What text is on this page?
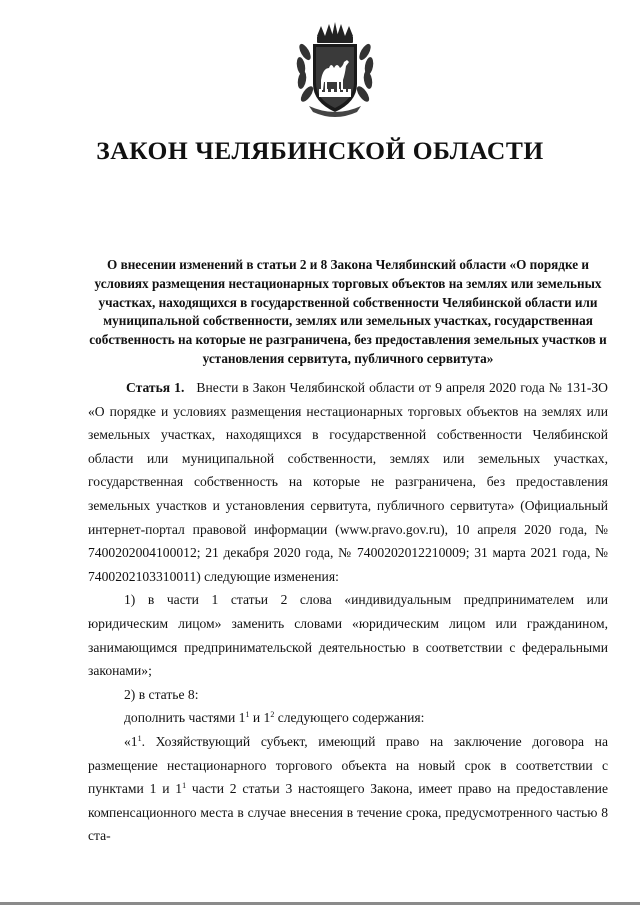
ЗАКОН ЧЕЛЯБИНСКОЙ ОБЛАСТИ

О внесении изменений в статьи 2 и 8 Закона Челябинский области «О порядке и условиях размещения нестационарных торговых объектов на землях или земельных участках, находящихся в государственной собственности Челябинской области или муниципальной собственности, землях или земельных участках, государственная собственность на которые не разграничена, без предоставления земельных участков и установления сервитута, публичного сервитута»

Статья 1. Внести в Закон Челябинской области от 9 апреля 2020 года № 131-ЗО «О порядке и условиях размещения нестационарных торговых объектов на землях или земельных участках, находящихся в государственной собственности Челябинской области или муниципальной собственности, землях или земельных участках, государственная собственность на которые не разграничена, без предоставления земельных участков и установления сервитута, публичного сервитута» (Официальный интернет-портал правовой информации (www.pravo.gov.ru), 10 апреля 2020 года, № 7400202004100012; 21 декабря 2020 года, № 7400202012210009; 31 марта 2021 года, № 7400202103310011) следующие изменения:

1) в части 1 статьи 2 слова «индивидуальным предпринимателем или юридическим лицом» заменить словами «юридическим лицом или гражданином, занимающимся предпринимательской деятельностью в соответствии с федеральными законами»;

2) в статье 8:

дополнить частями $1^1$ и $1^2$ следующего содержания:

«$1^1$. Хозяйствующий субъект, имеющий право на заключение договора на размещение нестационарного торгового объекта на новый срок в соответствии с пунктами 1 и $1^1$ части 2 статьи 3 настоящего Закона, имеет право на предоставление компенсационного места в случае внесения в течение срока, предусмотренного частью 8 ста-
